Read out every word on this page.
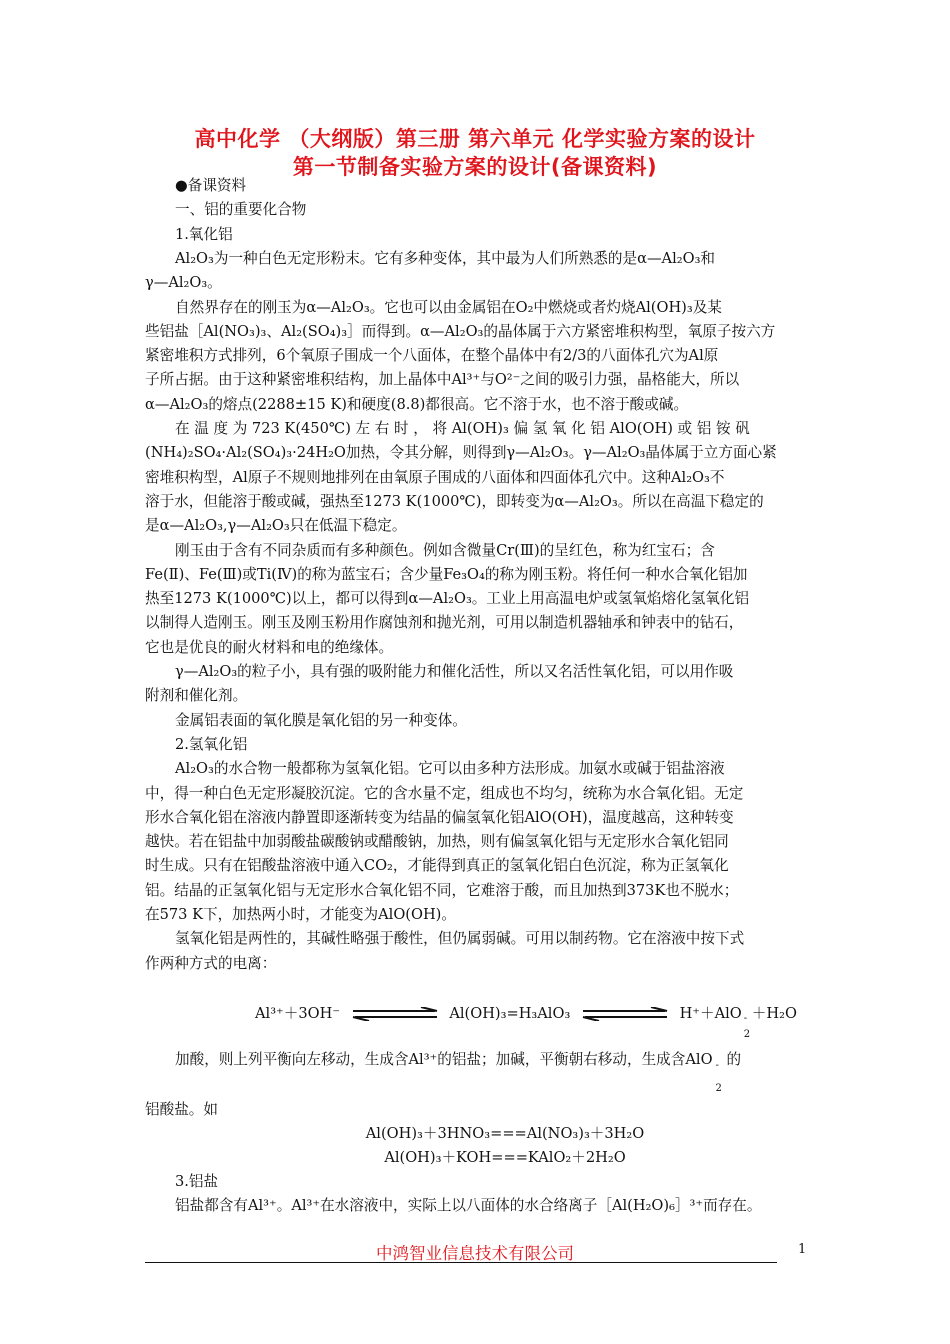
高中化学 （大纲版）第三册 第六单元 化学实验方案的设计
第一节制备实验方案的设计(备课资料)
●备课资料
一、铝的重要化合物
1.氧化铝
Al₂O₃为一种白色无定形粉末。它有多种变体，其中最为人们所熟悉的是α—Al₂O₃和
γ—Al₂O₃。
自然界存在的刚玉为α—Al₂O₃。它也可以由金属铝在O₂中燃烧或者灼烧Al(OH)₃及某
些铝盐［Al(NO₃)₃、Al₂(SO₄)₃］而得到。α—Al₂O₃的晶体属于六方紧密堆积构型，氧原子按六方
紧密堆积方式排列，6个氧原子围成一个八面体，在整个晶体中有2/3的八面体孔穴为Al原
子所占据。由于这种紧密堆积结构，加上晶体中Al³⁺与O²⁻之间的吸引力强，晶格能大，所以
α—Al₂O₃的熔点(2288±15 K)和硬度(8.8)都很高。它不溶于水，也不溶于酸或碱。
在 温 度 为 723 K(450℃) 左 右 时 ， 将 Al(OH)₃ 偏 氢 氧 化 铝 AlO(OH) 或 铝 铵 矾
(NH₄)₂SO₄·Al₂(SO₄)₃·24H₂O加热，令其分解，则得到γ—Al₂O₃。γ—Al₂O₃晶体属于立方面心紧
密堆积构型，Al原子不规则地排列在由氧原子围成的八面体和四面体孔穴中。这种Al₂O₃不
溶于水，但能溶于酸或碱，强热至1273 K(1000℃)，即转变为α—Al₂O₃。所以在高温下稳定的
是α—Al₂O₃,γ—Al₂O₃只在低温下稳定。
刚玉由于含有不同杂质而有多种颜色。例如含微量Cr(Ⅲ)的呈红色，称为红宝石；含
Fe(Ⅱ)、Fe(Ⅲ)或Ti(Ⅳ)的称为蓝宝石；含少量Fe₃O₄的称为刚玉粉。将任何一种水合氧化铝加
热至1273 K(1000℃)以上，都可以得到α—Al₂O₃。工业上用高温电炉或氢氧焰熔化氢氧化铝
以制得人造刚玉。刚玉及刚玉粉用作腐蚀剂和抛光剂，可用以制造机器轴承和钟表中的钻石，
它也是优良的耐火材料和电的绝缘体。
γ—Al₂O₃的粒子小，具有强的吸附能力和催化活性，所以又名活性氧化铝，可以用作吸
附剂和催化剂。
金属铝表面的氧化膜是氧化铝的另一种变体。
2.氢氧化铝
Al₂O₃的水合物一般都称为氢氧化铝。它可以由多种方法形成。加氨水或碱于铝盐溶液
中，得一种白色无定形凝胶沉淀。它的含水量不定，组成也不均匀，统称为水合氧化铝。无定
形水合氧化铝在溶液内静置即逐渐转变为结晶的偏氢氧化铝AlO(OH)，温度越高，这种转变
越快。若在铝盐中加弱酸盐碳酸钠或醋酸钠，加热，则有偏氢氧化铝与无定形水合氧化铝同
时生成。只有在铝酸盐溶液中通入CO₂，才能得到真正的氢氧化铝白色沉淀，称为正氢氧化
铝。结晶的正氢氧化铝与无定形水合氧化铝不同，它难溶于酸，而且加热到373K也不脱水；
在573 K下，加热两小时，才能变为AlO(OH)。
氢氧化铝是两性的，其碱性略强于酸性，但仍属弱碱。可用以制药物。它在溶液中按下式
作两种方式的电离：
Al³⁺＋3OH⁻	Al(OH)₃=H₃AlO₃	H⁺＋AlO -
2
＋H₂O
加酸，则上列平衡向左移动，生成含Al³⁺的铝盐；加碱，平衡朝右移动，生成含AlO -
2
的
铝酸盐。如
Al(OH)₃＋3HNO₃===Al(NO₃)₃＋3H₂O
Al(OH)₃＋KOH===KAlO₂＋2H₂O
3.铝盐
铝盐都含有Al³⁺。Al³⁺在水溶液中，实际上以八面体的水合络离子［Al(H₂O)₆］³⁺而存在。
中鸿智业信息技术有限公司	1
